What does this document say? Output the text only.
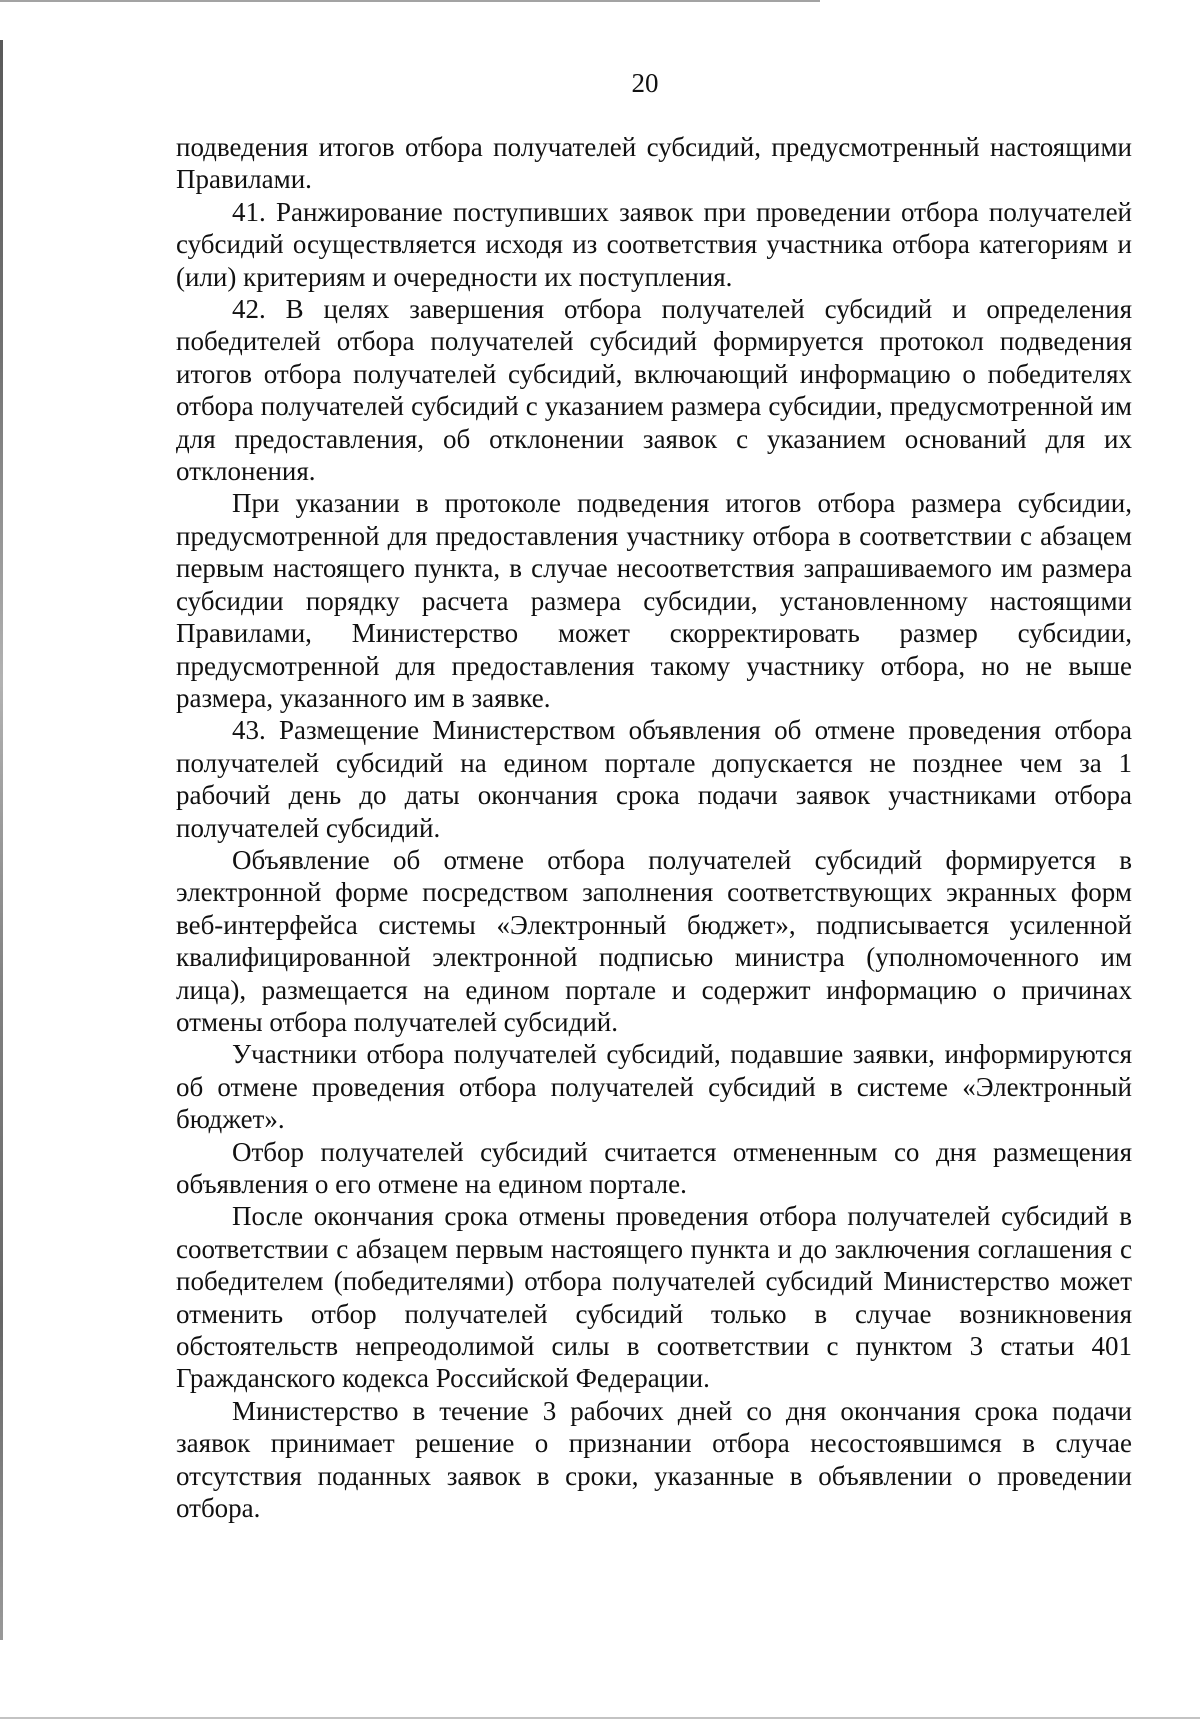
20

подведения итогов отбора получателей субсидий, предусмотренный настоящими Правилами.

41. Ранжирование поступивших заявок при проведении отбора получателей субсидий осуществляется исходя из соответствия участника отбора категориям и (или) критериям и очередности их поступления.

42. В целях завершения отбора получателей субсидий и определения победителей отбора получателей субсидий формируется протокол подведения итогов отбора получателей субсидий, включающий информацию о победителях отбора получателей субсидий с указанием размера субсидии, предусмотренной им для предоставления, об отклонении заявок с указанием оснований для их отклонения.

При указании в протоколе подведения итогов отбора размера субсидии, предусмотренной для предоставления участнику отбора в соответствии с абзацем первым настоящего пункта, в случае несоответствия запрашиваемого им размера субсидии порядку расчета размера субсидии, установленному настоящими Правилами, Министерство может скорректировать размер субсидии, предусмотренной для предоставления такому участнику отбора, но не выше размера, указанного им в заявке.

43. Размещение Министерством объявления об отмене проведения отбора получателей субсидий на едином портале допускается не позднее чем за 1 рабочий день до даты окончания срока подачи заявок участниками отбора получателей субсидий.

Объявление об отмене отбора получателей субсидий формируется в электронной форме посредством заполнения соответствующих экранных форм веб-интерфейса системы «Электронный бюджет», подписывается усиленной квалифицированной электронной подписью министра (уполномоченного им лица), размещается на едином портале и содержит информацию о причинах отмены отбора получателей субсидий.

Участники отбора получателей субсидий, подавшие заявки, информируются об отмене проведения отбора получателей субсидий в системе «Электронный бюджет».

Отбор получателей субсидий считается отмененным со дня размещения объявления о его отмене на едином портале.

После окончания срока отмены проведения отбора получателей субсидий в соответствии с абзацем первым настоящего пункта и до заключения соглашения с победителем (победителями) отбора получателей субсидий Министерство может отменить отбор получателей субсидий только в случае возникновения обстоятельств непреодолимой силы в соответствии с пунктом 3 статьи 401 Гражданского кодекса Российской Федерации.

Министерство в течение 3 рабочих дней со дня окончания срока подачи заявок принимает решение о признании отбора несостоявшимся в случае отсутствия поданных заявок в сроки, указанные в объявлении о проведении отбора.
